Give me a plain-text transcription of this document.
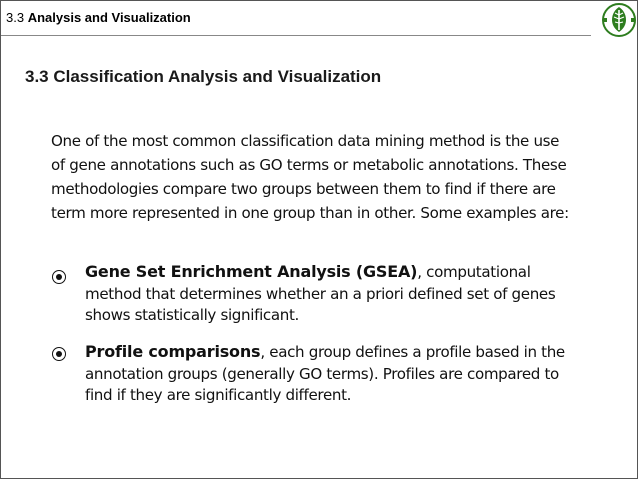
3.3 Analysis and Visualization
3.3 Classification Analysis and Visualization
One of the most common classification data mining method is the use
of gene annotations such as GO terms or metabolic annotations. These
methodologies compare two groups between them to find if there are
term more represented in one group than in other. Some examples are:
Gene Set Enrichment Analysis (GSEA), computational
method that determines whether an a priori defined set of genes
shows statistically significant.
Profile comparisons, each group defines a profile based in the
annotation groups (generally GO terms). Profiles are compared to
find if they are significantly different.
